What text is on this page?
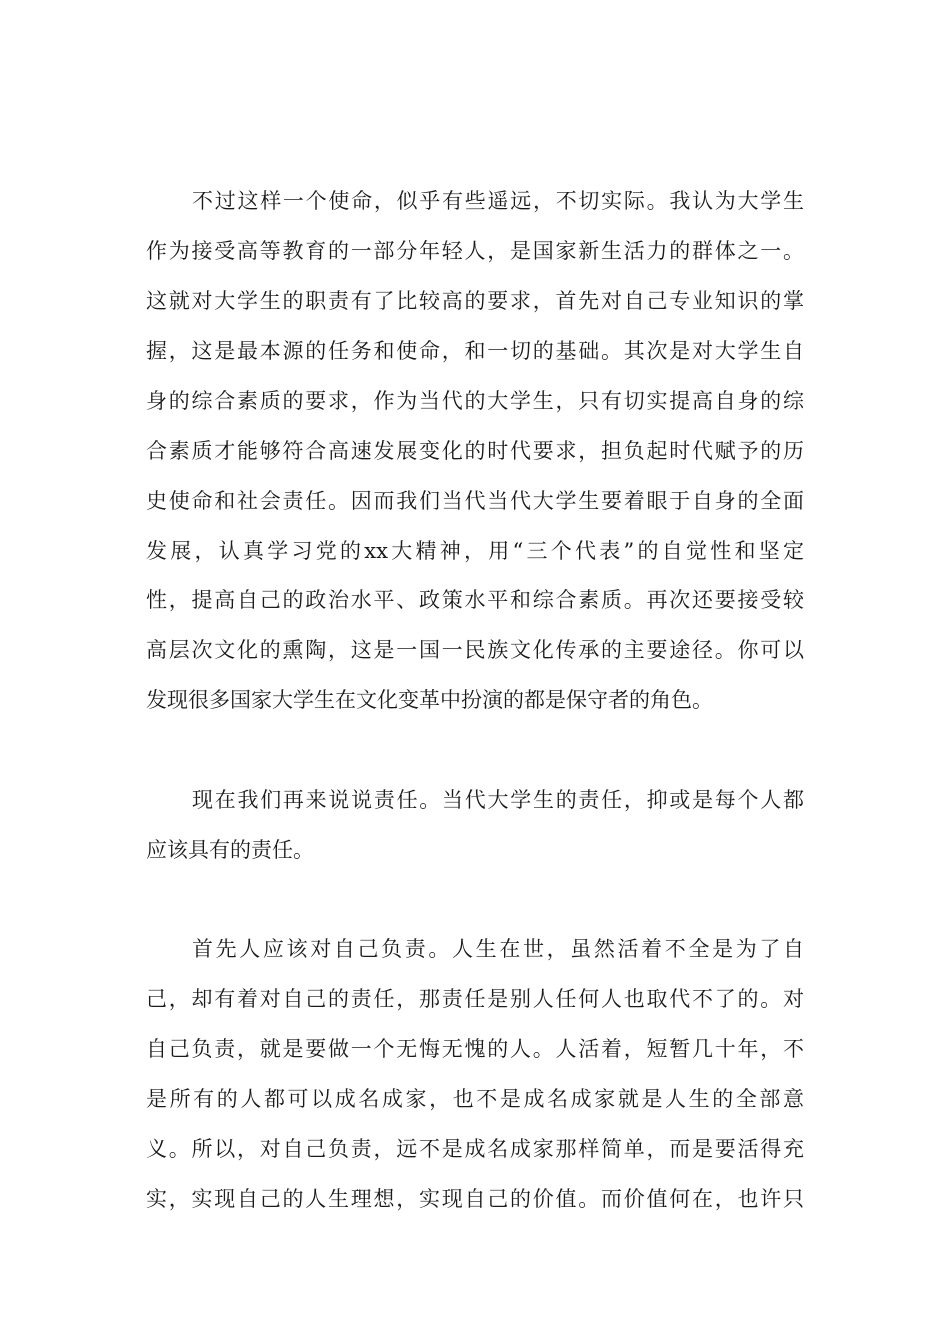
不过这样一个使命，似乎有些遥远，不切实际。我认为大学生
作为接受高等教育的一部分年轻人，是国家新生活力的群体之一。
这就对大学生的职责有了比较高的要求，首先对自己专业知识的掌
握，这是最本源的任务和使命，和一切的基础。其次是对大学生自
身的综合素质的要求，作为当代的大学生，只有切实提高自身的综
合素质才能够符合高速发展变化的时代要求，担负起时代赋予的历
史使命和社会责任。因而我们当代当代大学生要着眼于自身的全面
发展，认真学习党的xx大精神，用“三个代表”的自觉性和坚定
性，提高自己的政治水平、政策水平和综合素质。再次还要接受较
高层次文化的熏陶，这是一国一民族文化传承的主要途径。你可以
发现很多国家大学生在文化变革中扮演的都是保守者的角色。
现在我们再来说说责任。当代大学生的责任，抑或是每个人都
应该具有的责任。
首先人应该对自己负责。人生在世，虽然活着不全是为了自
己，却有着对自己的责任，那责任是别人任何人也取代不了的。对
自己负责，就是要做一个无悔无愧的人。人活着，短暂几十年，不
是所有的人都可以成名成家，也不是成名成家就是人生的全部意
义。所以，对自己负责，远不是成名成家那样简单，而是要活得充
实，实现自己的人生理想，实现自己的价值。而价值何在，也许只
